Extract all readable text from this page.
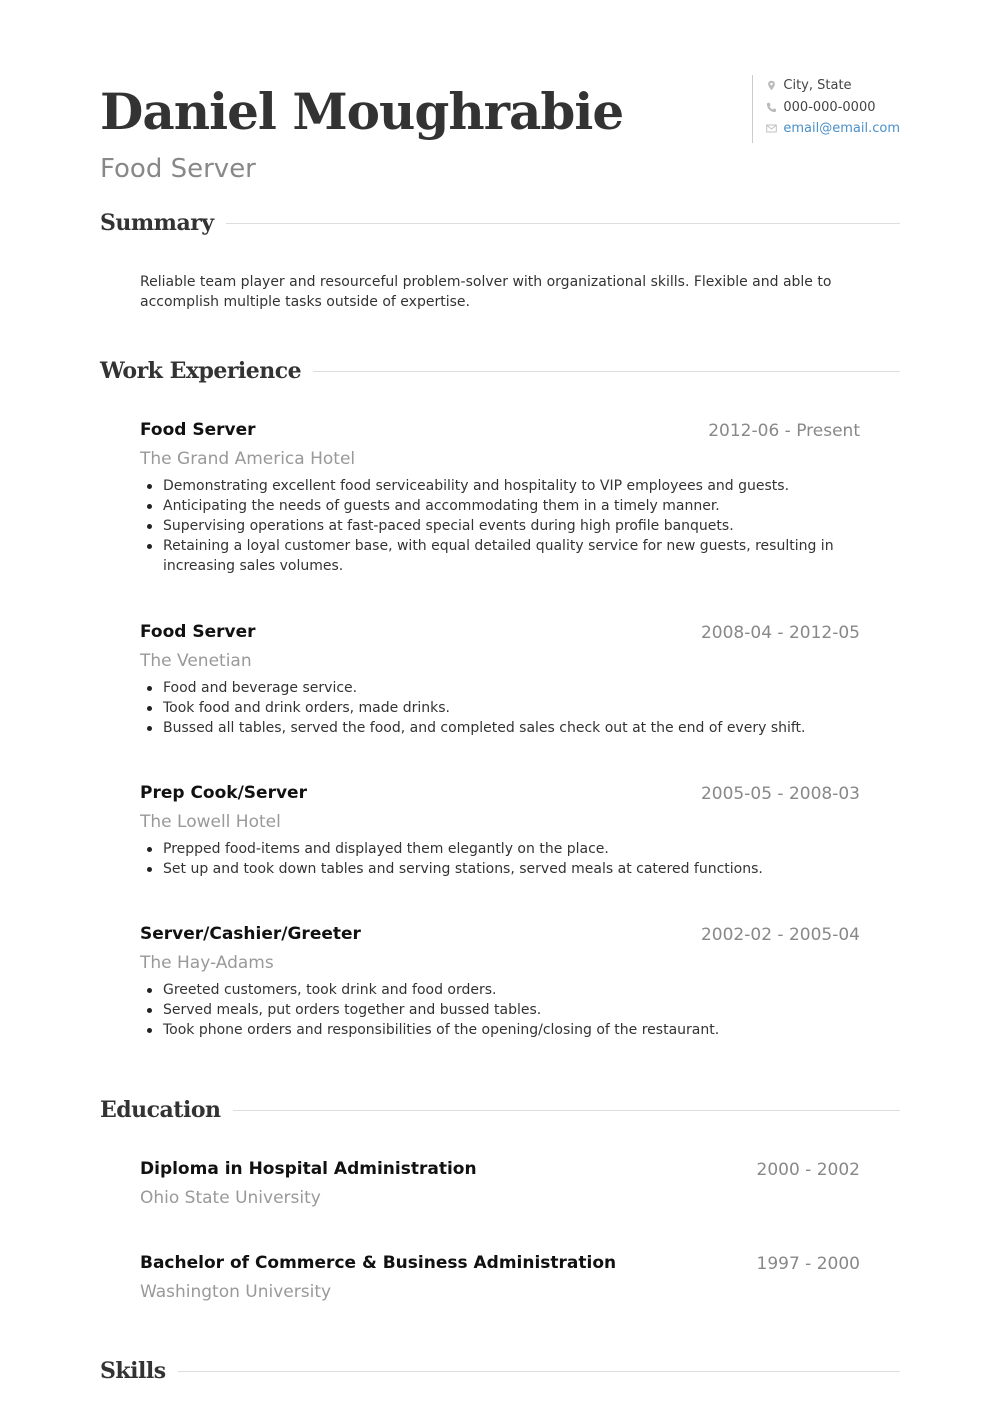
Daniel Moughrabie
Food Server
City, State
000-000-0000
email@email.com
Summary

Reliable team player and resourceful problem-solver with organizational skills. Flexible and able to accomplish multiple tasks outside of expertise.

Work Experience
Food Server	2012-06 - Present
The Grand America Hotel
Demonstrating excellent food serviceability and hospitality to VIP employees and guests.
Anticipating the needs of guests and accommodating them in a timely manner.
Supervising operations at fast-paced special events during high profile banquets.
Retaining a loyal customer base, with equal detailed quality service for new guests, resulting in increasing sales volumes.
Food Server	2008-04 - 2012-05
The Venetian
Food and beverage service.
Took food and drink orders, made drinks.
Bussed all tables, served the food, and completed sales check out at the end of every shift.
Prep Cook/Server	2005-05 - 2008-03
The Lowell Hotel
Prepped food-items and displayed them elegantly on the place.
Set up and took down tables and serving stations, served meals at catered functions.
Server/Cashier/Greeter	2002-02 - 2005-04
The Hay-Adams
Greeted customers, took drink and food orders.
Served meals, put orders together and bussed tables.
Took phone orders and responsibilities of the opening/closing of the restaurant.
Education
Diploma in Hospital Administration	2000 - 2002
Ohio State University
Bachelor of Commerce & Business Administration	1997 - 2000
Washington University
Skills
